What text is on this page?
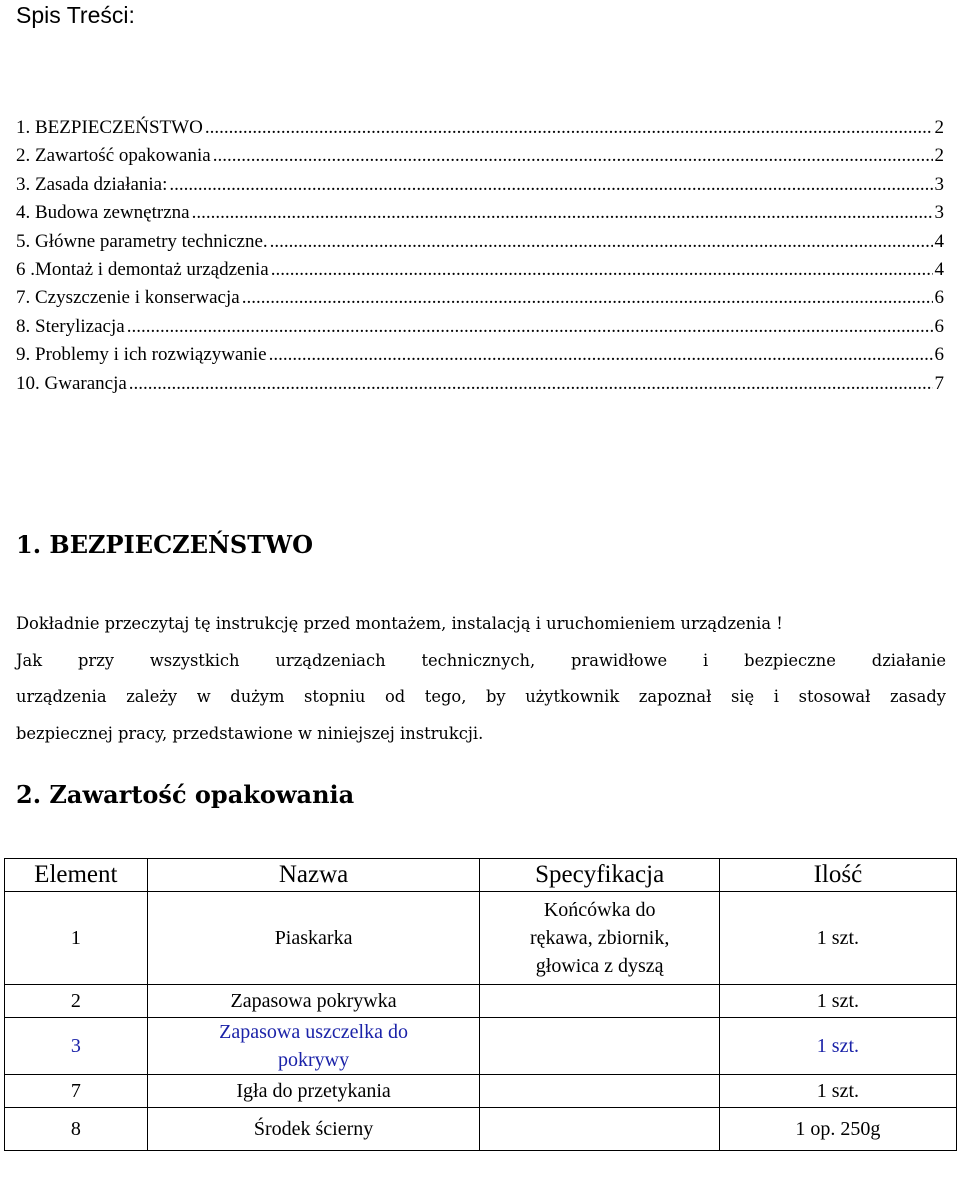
Spis Treści:
1. BEZPIECZEŃSTWO .....	2
2. Zawartość opakowania .....	2
3. Zasada działania: .....	3
4. Budowa zewnętrzna .....	3
5. Główne parametry techniczne. .....	4
6 .Montaż i demontaż urządzenia .....	4
7. Czyszczenie i konserwacja .....	6
8. Sterylizacja .....	6
9. Problemy i ich rozwiązywanie .....	6
10. Gwarancja .....	7
1. BEZPIECZEŃSTWO

Dokładnie przeczytaj tę instrukcję przed montażem, instalacją i uruchomieniem urządzenia !
Jak przy wszystkich urządzeniach technicznych, prawidłowe i bezpieczne działanie
urządzenia zależy w dużym stopniu od tego, by użytkownik zapoznał się i stosował zasady
bezpiecznej pracy, przedstawione w niniejszej instrukcji.

2. Zawartość opakowania
Element	Nazwa	Specyfikacja	Ilość
1	Piaskarka	Końcówka do
rękawa, zbiornik,
głowica z dyszą	1 szt.
2	Zapasowa pokrywka		1 szt.
3	Zapasowa uszczelka do
pokrywy		1 szt.
7	Igła do przetykania		1 szt.
8	Środek ścierny		1 op. 250g
